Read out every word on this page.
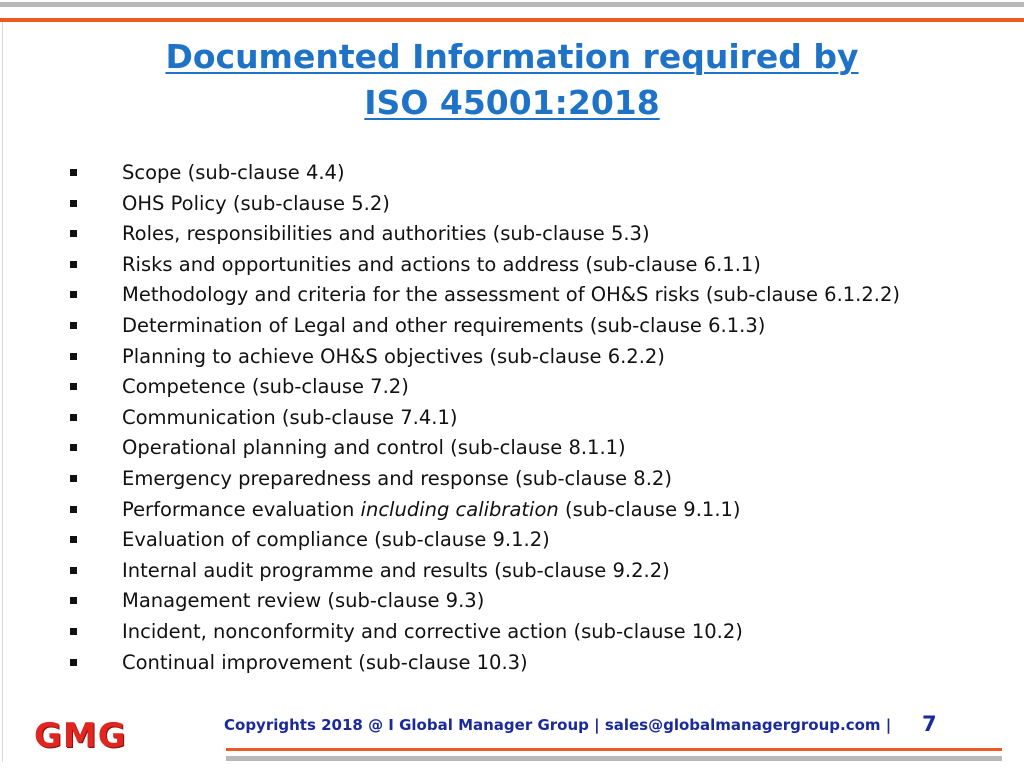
Documented Information required by
ISO 45001:2018
Scope (sub-clause 4.4)
OHS Policy (sub-clause 5.2)
Roles, responsibilities and authorities (sub-clause 5.3)
Risks and opportunities and actions to address (sub-clause 6.1.1)
Methodology and criteria for the assessment of OH&S risks (sub-clause 6.1.2.2)
Determination of Legal and other requirements (sub-clause 6.1.3)
Planning to achieve OH&S objectives (sub-clause 6.2.2)
Competence (sub-clause 7.2)
Communication (sub-clause 7.4.1)
Operational planning and control (sub-clause 8.1.1)
Emergency preparedness and response (sub-clause 8.2)
Performance evaluation including calibration (sub-clause 9.1.1)
Evaluation of compliance (sub-clause 9.1.2)
Internal audit programme and results (sub-clause 9.2.2)
Management review (sub-clause 9.3)
Incident, nonconformity and corrective action (sub-clause 10.2)
Continual improvement (sub-clause 10.3)
GMG	Copyrights 2018 @ I Global Manager Group | sales@globalmanagergroup.com | 7
